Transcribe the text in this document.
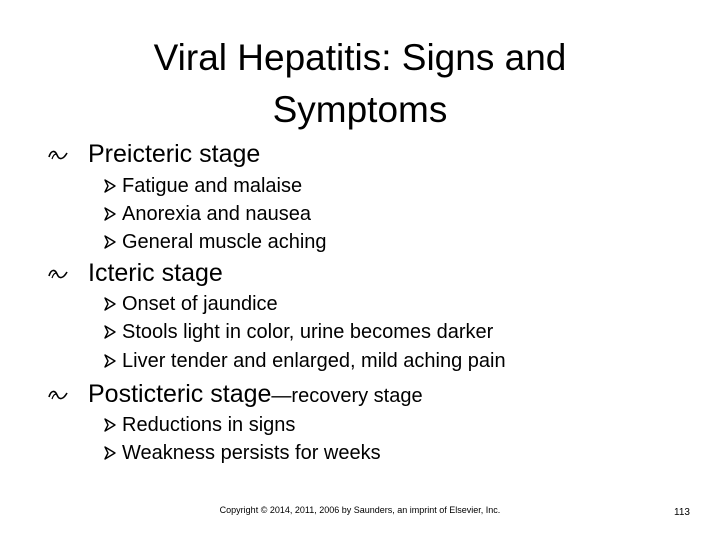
Viral Hepatitis: Signs and Symptoms
Preicteric stage
Fatigue and malaise
Anorexia and nausea
General muscle aching
Icteric stage
Onset of jaundice
Stools light in color, urine becomes darker
Liver tender and enlarged, mild aching pain
Posticteric stage—recovery stage
Reductions in signs
Weakness persists for weeks
Copyright © 2014, 2011, 2006 by Saunders, an imprint of Elsevier, Inc.	113
